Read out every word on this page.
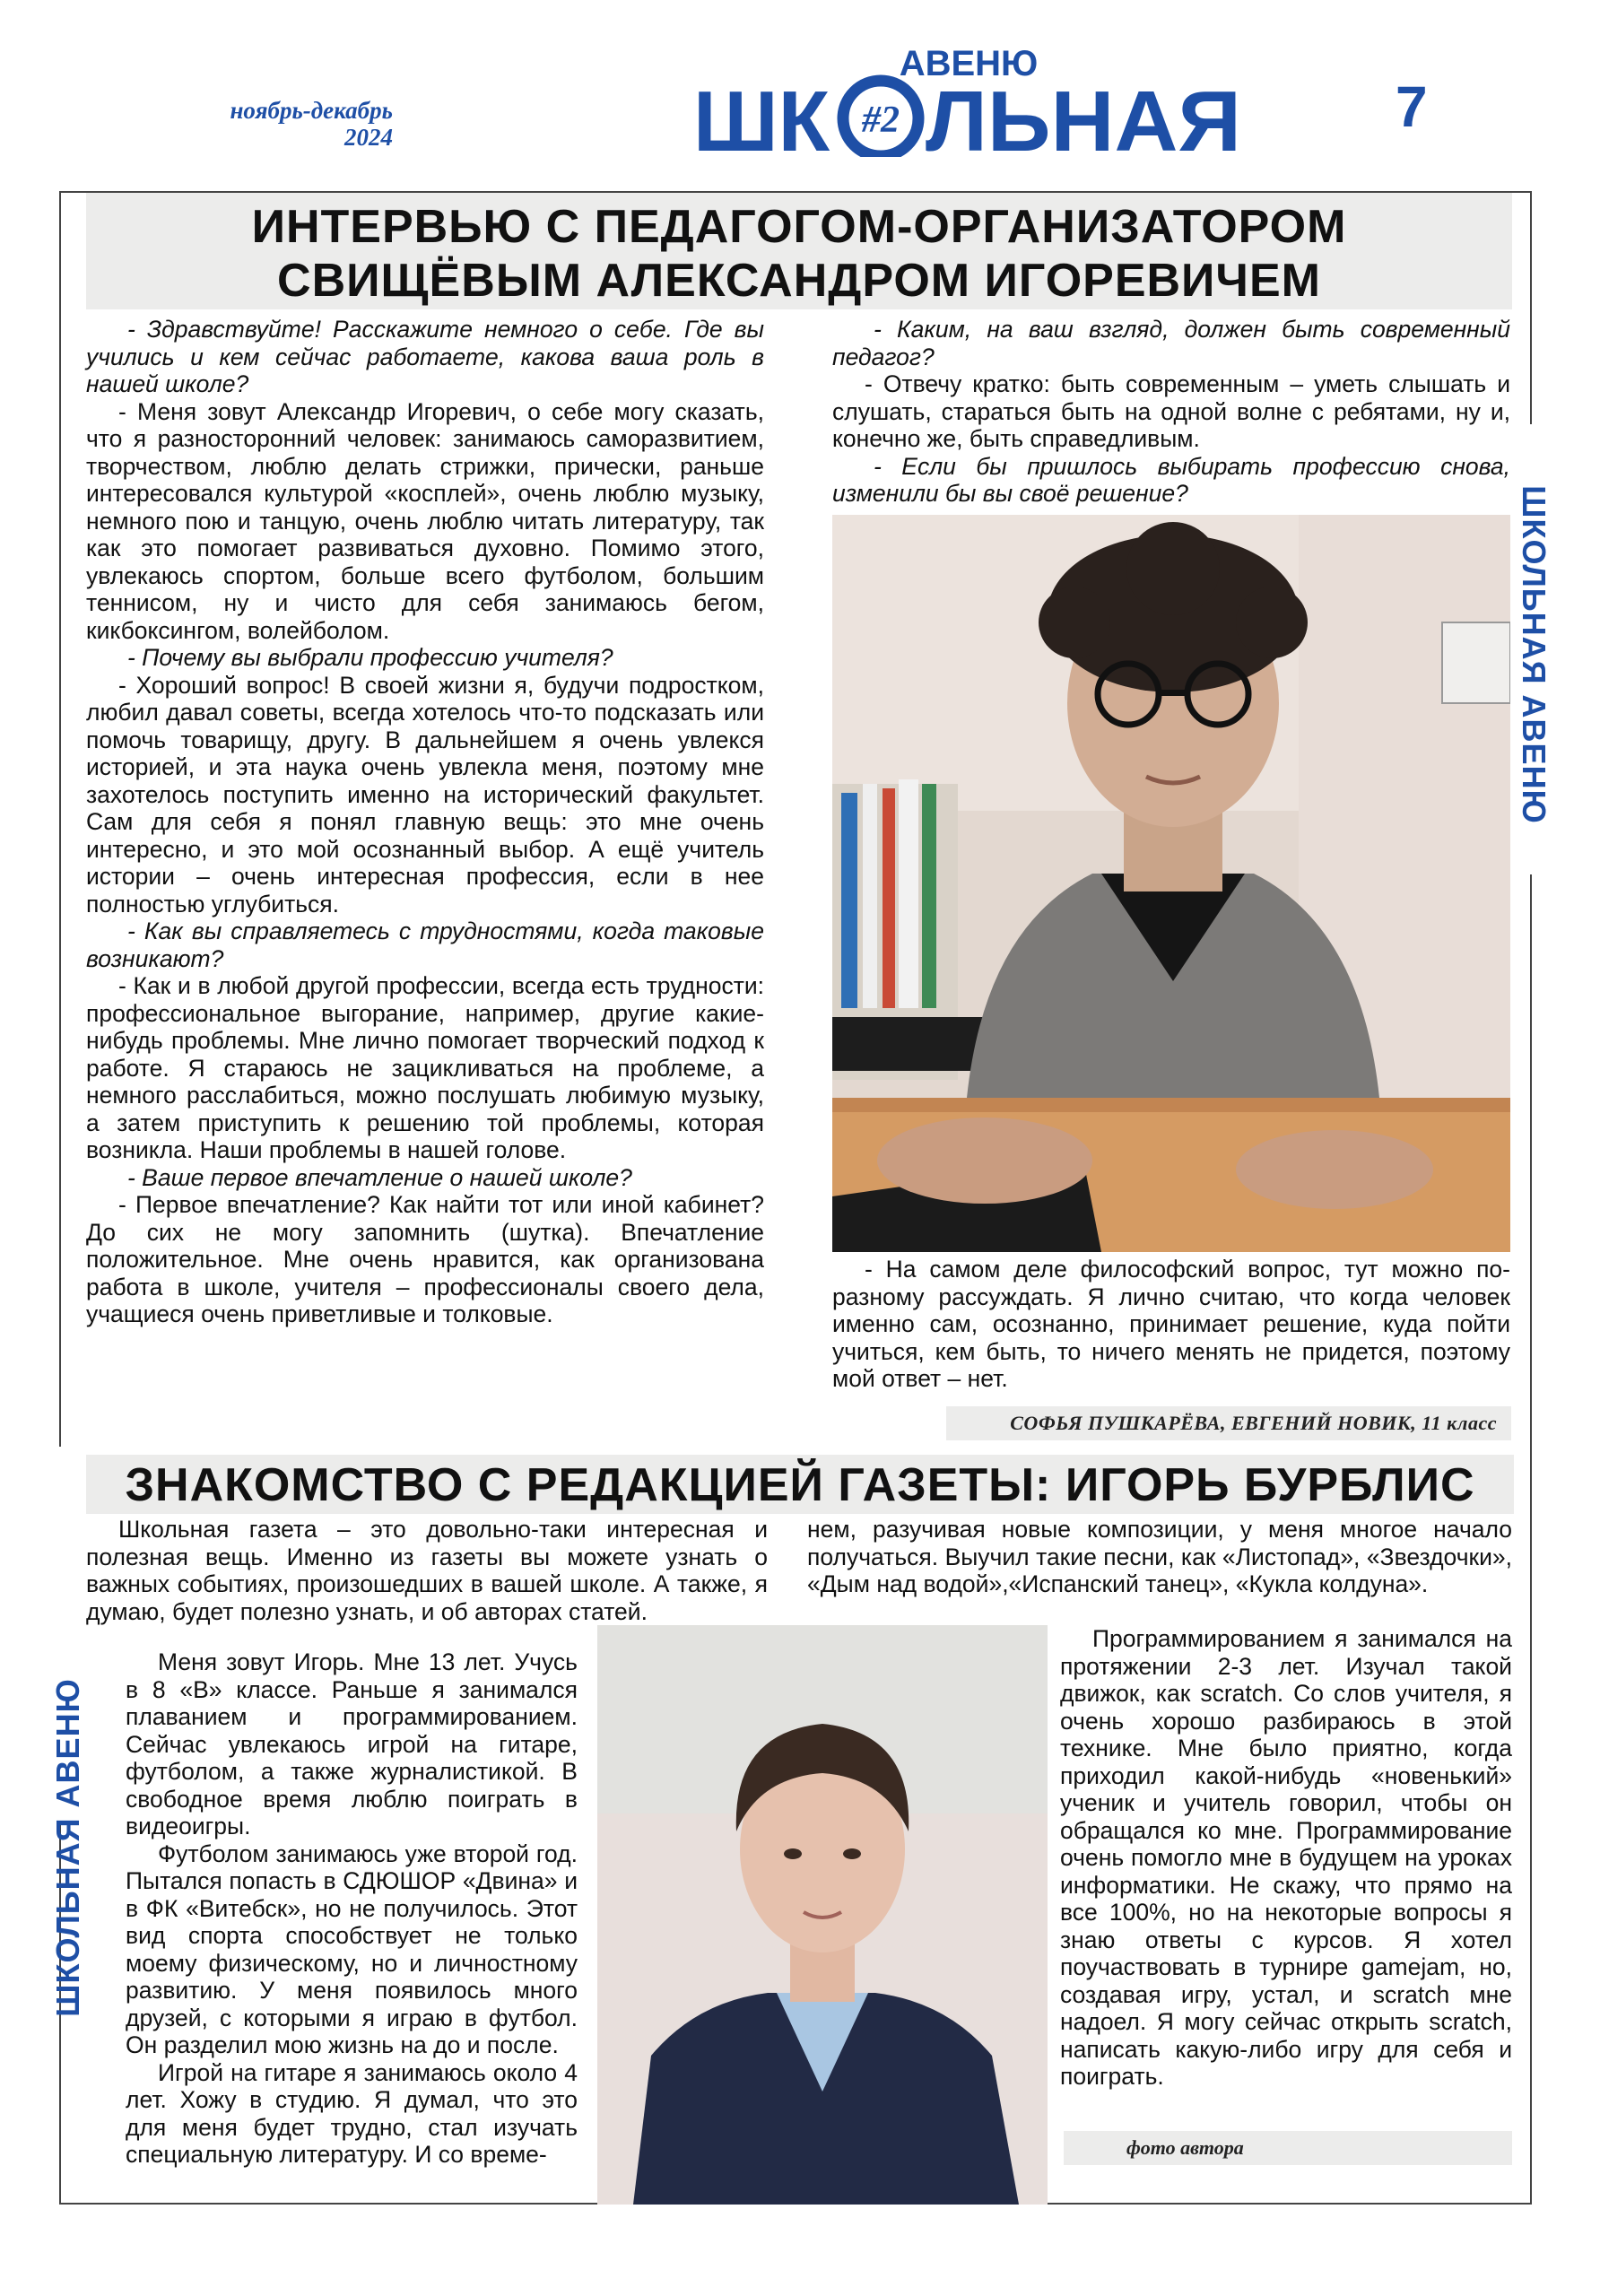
ноябрь-декабрь
2024
АВЕНЮ
ШК #2 ЛЬНАЯ	7
ШКОЛЬНАЯ АВЕНЮ
ШКОЛЬНАЯ АВЕНЮ
ИНТЕРВЬЮ С ПЕДАГОГОМ-ОРГАНИЗАТОРОМ
СВИЩЁВЫМ АЛЕКСАНДРОМ ИГОРЕВИЧЕМ

- Здравствуйте! Расскажите немного о себе. Где вы учились и кем сейчас работаете, какова ваша роль в нашей школе?

- Меня зовут Александр Игоревич, о себе могу сказать, что я разносторонний человек: занимаюсь саморазвитием, творчеством, люблю делать стрижки, прически, раньше интересовался культурой «косплей», очень люблю музыку, немного пою и танцую, очень люблю читать литературу, так как это помогает развиваться духовно. Помимо этого, увлекаюсь спортом, больше всего футболом, большим теннисом, ну и чисто для себя занимаюсь бегом, кикбоксингом, волейболом.

- Почему вы выбрали профессию учителя?

- Хороший вопрос! В своей жизни я, будучи подростком, любил давал советы, всегда хотелось что-то подсказать или помочь товарищу, другу. В дальнейшем я очень увлекся историей, и эта наука очень увлекла меня, поэтому мне захотелось поступить именно на исторический факультет. Сам для себя я понял главную вещь: это мне очень интересно, и это мой осознанный выбор. А ещё учитель истории – очень интересная профессия, если в нее полностью углубиться.

- Как вы справляетесь с трудностями, когда таковые возникают?

- Как и в любой другой профессии, всегда есть трудности: профессиональное выгорание, например, другие какие-нибудь проблемы. Мне лично помогает творческий подход к работе. Я стараюсь не зацикливаться на проблеме, а немного расслабиться, можно послушать любимую музыку, а затем приступить к решению той проблемы, которая возникла. Наши проблемы в нашей голове.

- Ваше первое впечатление о нашей школе?

- Первое впечатление? Как найти тот или иной кабинет? До сих не могу запомнить (шутка). Впечатление положительное. Мне очень нравится, как организована работа в школе, учителя – профессионалы своего дела, учащиеся очень приветливые и толковые.

- Каким, на ваш взгляд, должен быть современный педагог?

- Отвечу кратко: быть современным – уметь слышать и слушать, стараться быть на одной волне с ребятами, ну и, конечно же, быть справедливым.

- Если бы пришлось выбирать профессию снова, изменили бы вы своё решение?

- На самом деле философский вопрос, тут можно по-разному рассуждать. Я лично считаю, что когда человек именно сам, осознанно, принимает решение, куда пойти учиться, кем быть, то ничего менять не придется, поэтому мой ответ – нет.

СОФЬЯ ПУШКАРЁВА, ЕВГЕНИЙ НОВИК, 11 класс
ЗНАКОМСТВО С РЕДАКЦИЕЙ ГАЗЕТЫ: ИГОРЬ БУРБЛИС

Школьная газета – это довольно-таки интересная и полезная вещь. Именно из газеты вы можете узнать о важных событиях, произошедших в вашей школе. А также, я думаю, будет полезно узнать, и об авторах статей.

Меня зовут Игорь. Мне 13 лет. Учусь в 8 «В» классе. Раньше я занимался плаванием и программированием. Сейчас увлекаюсь игрой на гитаре, футболом, а также журналистикой. В свободное время люблю поиграть в видеоигры.

Футболом занимаюсь уже второй год. Пытался попасть в СДЮШОР «Двина» и в ФК «Витебск», но не получилось. Этот вид спорта способствует не только моему физическому, но и личностному развитию. У меня появилось много друзей, с которыми я играю в футбол. Он разделил мою жизнь на до и после.

Игрой на гитаре я занимаюсь около 4 лет. Хожу в студию. Я думал, что это для меня будет трудно, стал изучать специальную литературу. И со време-

нем, разучивая новые композиции, у меня многое начало получаться. Выучил такие песни, как «Листопад», «Звездочки», «Дым над водой»,«Испанский танец», «Кукла колдуна».

Программированием я занимался на протяжении 2-3 лет. Изучал такой движок, как scratch. Со слов учителя, я очень хорошо разбираюсь в этой технике. Мне было приятно, когда приходил какой-нибудь «новенький» ученик и учитель говорил, чтобы он обращался ко мне. Программирование очень помогло мне в будущем на уроках информатики. Не скажу, что прямо на все 100%, но на некоторые вопросы я знаю ответы с курсов. Я хотел поучаствовать в турнире gamejam, но, создавая игру, устал, и scratch мне надоел. Я могу сейчас открыть scratch, написать какую-либо игру для себя и поиграть.

фото автора
